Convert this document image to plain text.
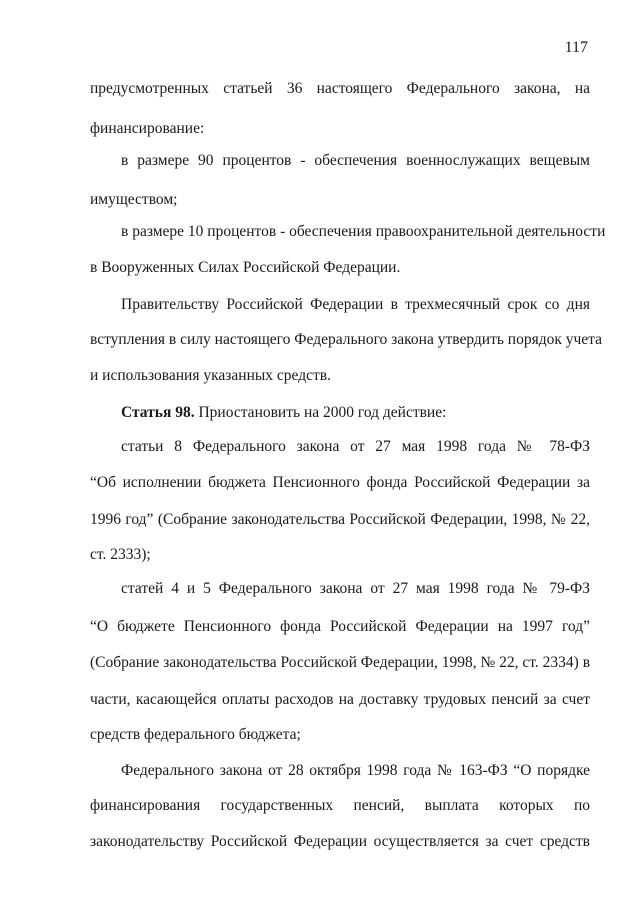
117
предусмотренных статьей 36 настоящего Федерального закона, на
финансирование:
в размере 90 процентов - обеспечения военнослужащих вещевым
имуществом;
в размере 10 процентов - обеспечения правоохранительной деятельности
в Вооруженных Силах Российской Федерации.
Правительству Российской Федерации в трехмесячный срок со дня
вступления в силу настоящего Федерального закона утвердить порядок учета
и использования указанных средств.
Статья 98. Приостановить на 2000 год действие:
статьи 8 Федерального закона от 27 мая 1998 года № 78-ФЗ
“Об исполнении бюджета Пенсионного фонда Российской Федерации за
1996 год” (Собрание законодательства Российской Федерации, 1998, № 22,
ст. 2333);
статей 4 и 5 Федерального закона от 27 мая 1998 года № 79-ФЗ
“О бюджете Пенсионного фонда Российской Федерации на 1997 год”
(Собрание законодательства Российской Федерации, 1998, № 22, ст. 2334) в
части, касающейся оплаты расходов на доставку трудовых пенсий за счет
средств федерального бюджета;
Федерального закона от 28 октября 1998 года № 163-ФЗ “О порядке
финансирования государственных пенсий, выплата которых по
законодательству Российской Федерации осуществляется за счет средств
